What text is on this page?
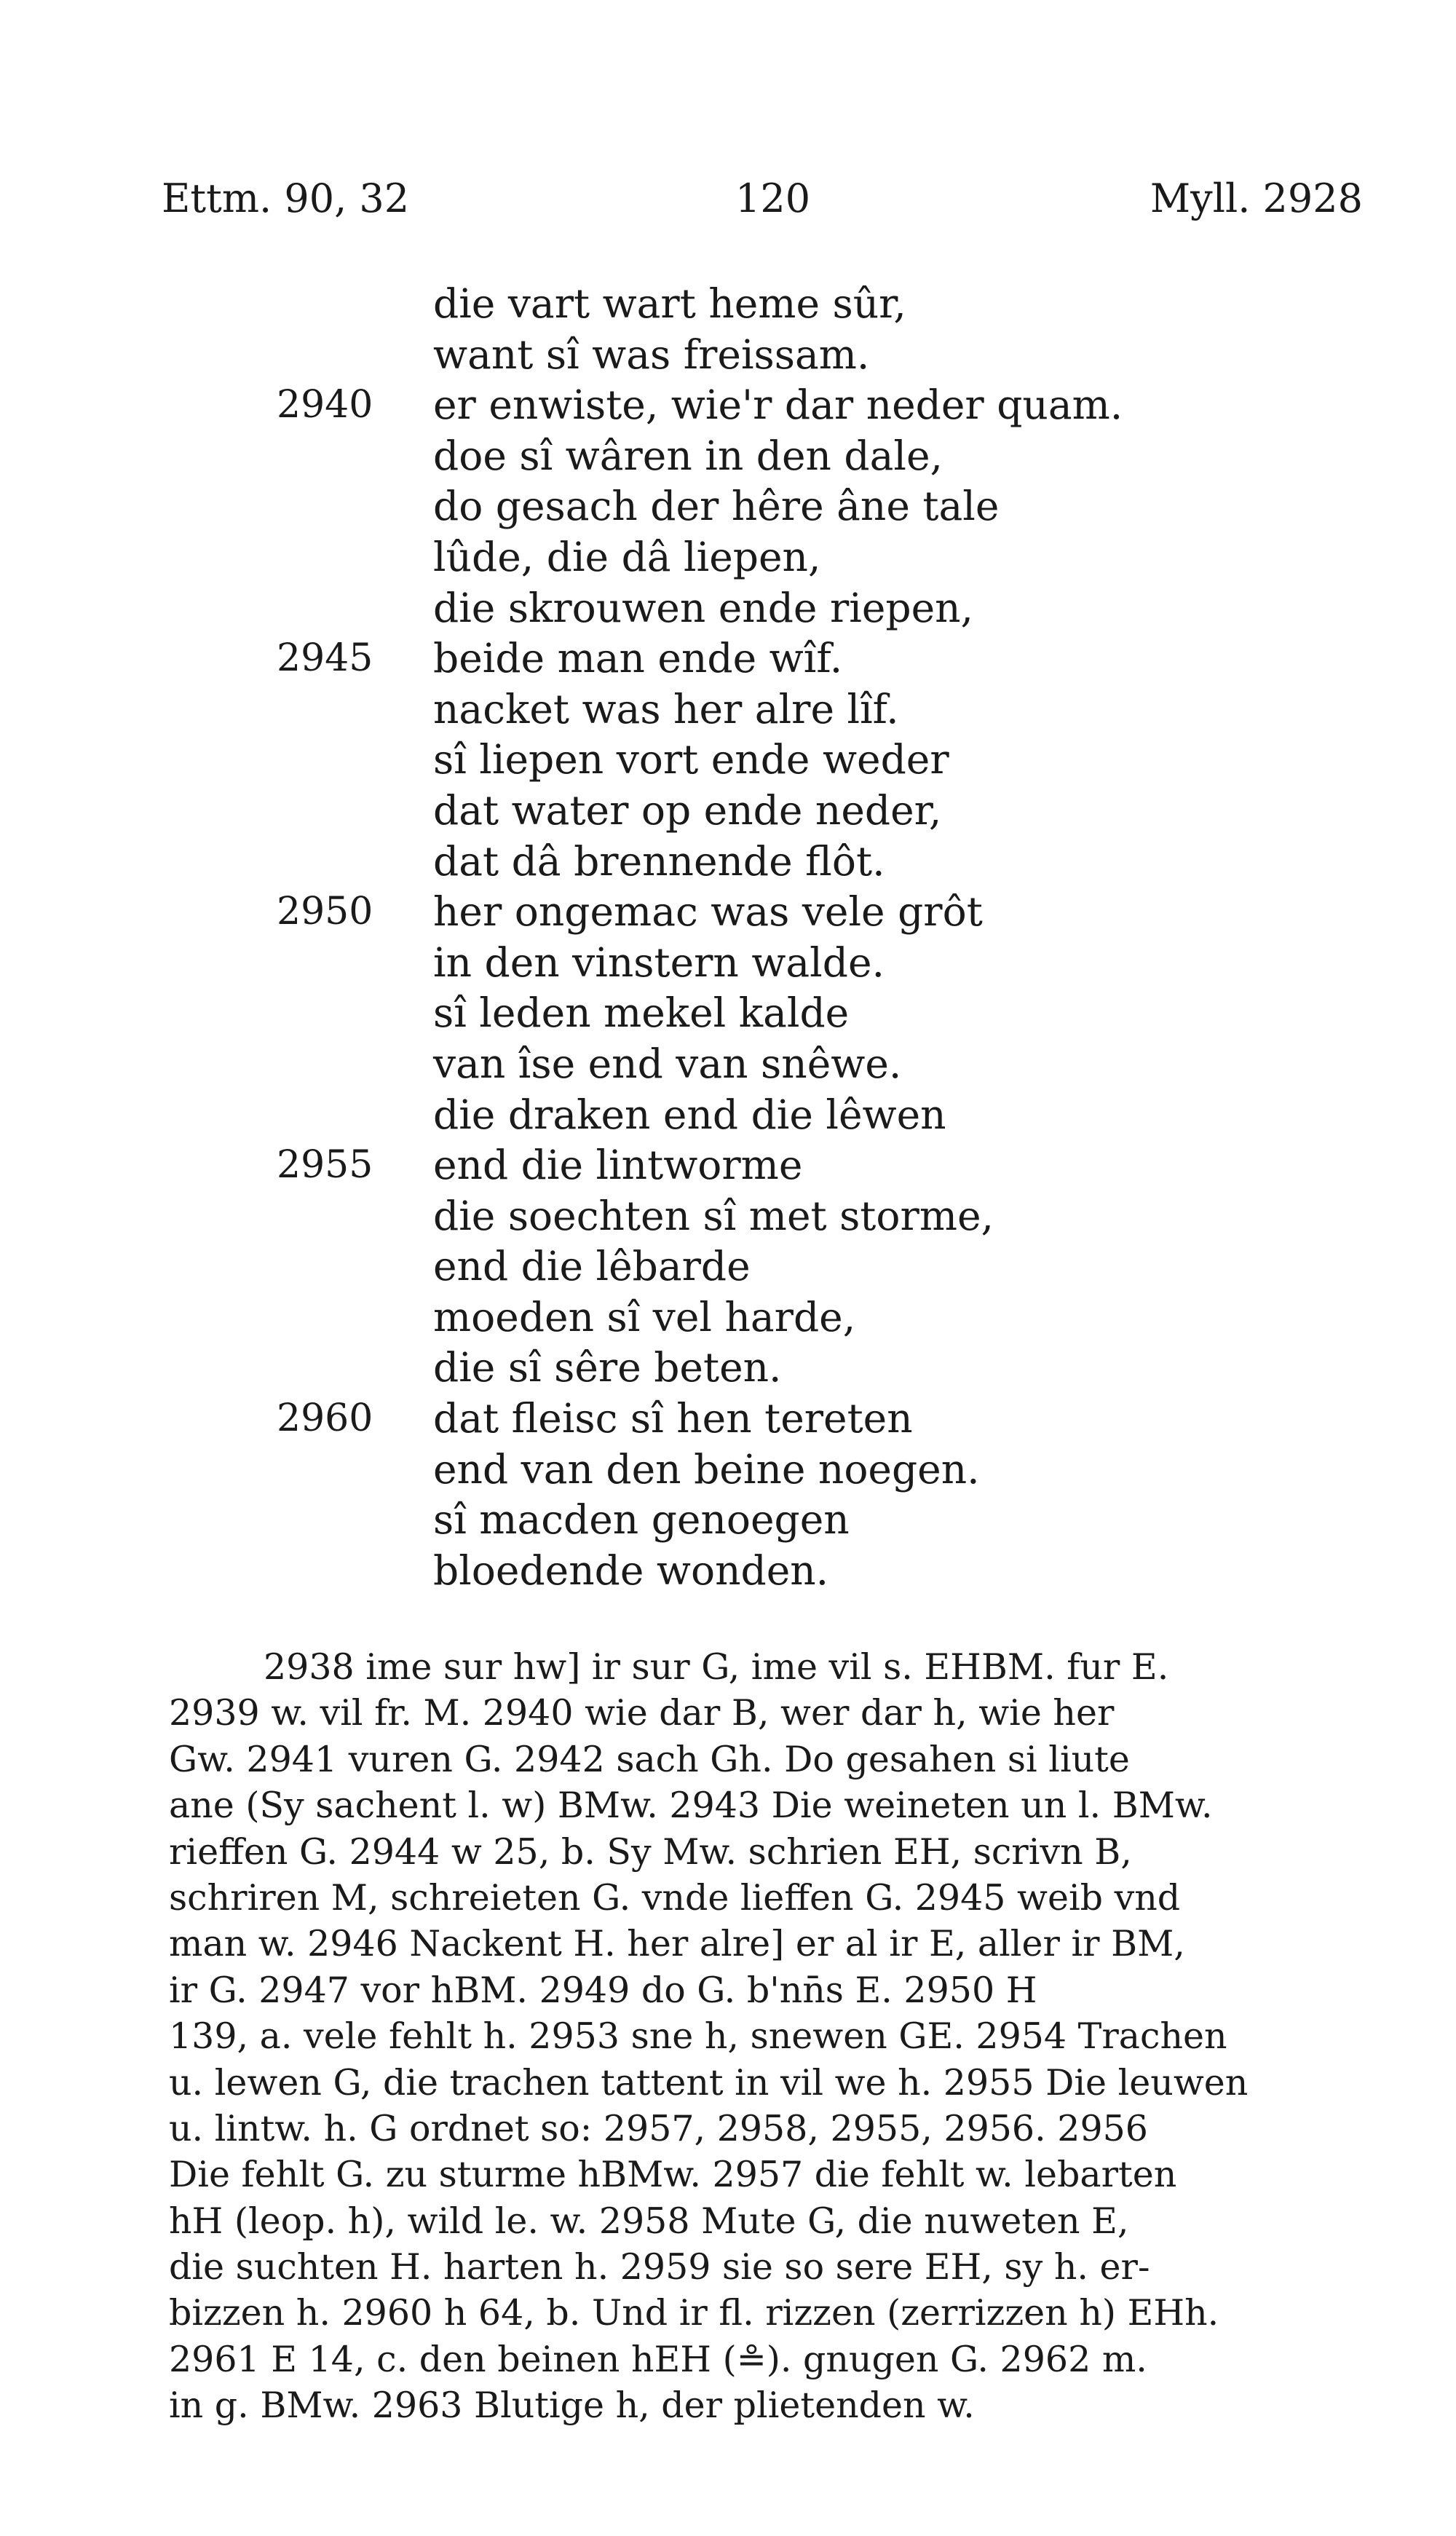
Ettm. 90, 32	120	Myll. 2928
die vart wart heme sûr,
want sî was freissam.
2940	er enwiste, wie'r dar neder quam.
doe sî wâren in den dale,
do gesach der hêre âne tale
lûde, die dâ liepen,
die skrouwen ende riepen,
2945	beide man ende wîf.
nacket was her alre lîf.
sî liepen vort ende weder
dat water op ende neder,
dat dâ brennende flôt.
2950	her ongemac was vele grôt
in den vinstern walde.
sî leden mekel kalde
van îse end van snêwe.
die draken end die lêwen
2955	end die lintworme
die soechten sî met storme,
end die lêbarde
moeden sî vel harde,
die sî sêre beten.
2960	dat fleisc sî hen tereten
end van den beine noegen.
sî macden genoegen
bloedende wonden.
2938 ime sur hw] ir sur G, ime vil s. EHBM. fur E.
2939 w. vil fr. M. 2940 wie dar B, wer dar h, wie her
Gw. 2941 vuren G. 2942 sach Gh. Do gesahen si liute
ane (Sy sachent l. w) BMw. 2943 Die weineten un l. BMw.
rieffen G. 2944 w 25, b. Sy Mw. schrien EH, scrivn B,
schriren M, schreieten G. vnde lieffen G. 2945 weib vnd
man w. 2946 Nackent H. her alre] er al ir E, aller ir BM,
ir G. 2947 vor hBM. 2949 do G. b'nn̄s E. 2950 H
139, a. vele fehlt h. 2953 sne h, snewen GE. 2954 Trachen
u. lewen G, die trachen tattent in vil we h. 2955 Die leuwen
u. lintw. h. G ordnet so: 2957, 2958, 2955, 2956. 2956
Die fehlt G. zu sturme hBMw. 2957 die fehlt w. lebarten
hH (leop. h), wild le. w. 2958 Mute G, die nuweten E,
die suchten H. harten h. 2959 sie so sere EH, sy h. er-
bizzen h. 2960 h 64, b. Und ir fl. rizzen (zerrizzen h) EHh.
2961 E 14, c. den beinen hEH (≗). gnugen G. 2962 m.
in g. BMw. 2963 Blutige h, der plietenden w.
